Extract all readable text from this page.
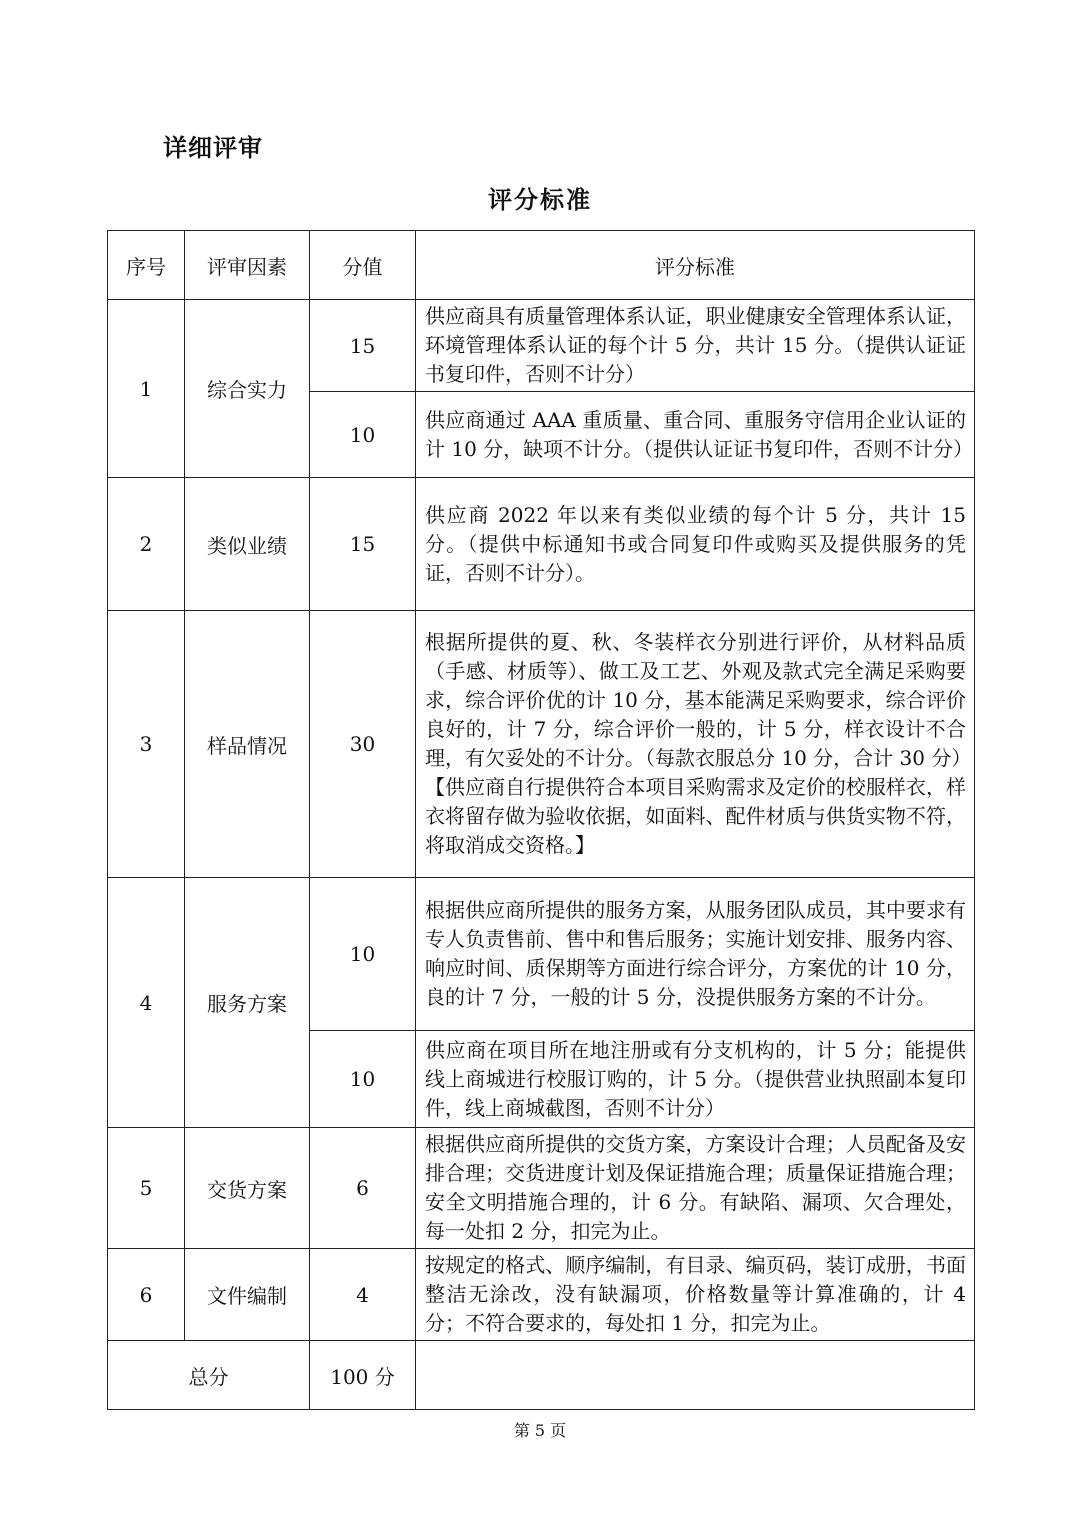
详细评审
评分标准
序号	评审因素	分值	评分标准
1	综合实力	15	供应商具有质量管理体系认证，职业健康安全管理体系认证，环境管理体系认证的每个计 5 分，共计 15 分。（提供认证证书复印件，否则不计分）
		10	供应商通过 AAA 重质量、重合同、重服务守信用企业认证的计 10 分，缺项不计分。（提供认证证书复印件，否则不计分）
2	类似业绩	15	供应商 2022 年以来有类似业绩的每个计 5 分，共计 15 分。（提供中标通知书或合同复印件或购买及提供服务的凭证，否则不计分）。
3	样品情况	30	根据所提供的夏、秋、冬装样衣分别进行评价，从材料品质（手感、材质等）、做工及工艺、外观及款式完全满足采购要求，综合评价优的计 10 分，基本能满足采购要求，综合评价良好的，计 7 分，综合评价一般的，计 5 分，样衣设计不合理，有欠妥处的不计分。（每款衣服总分 10 分，合计 30 分）
【供应商自行提供符合本项目采购需求及定价的校服样衣，样衣将留存做为验收依据，如面料、配件材质与供货实物不符，将取消成交资格。】

4	服务方案	10	根据供应商所提供的服务方案，从服务团队成员，其中要求有专人负责售前、售中和售后服务；实施计划安排、服务内容、响应时间、质保期等方面进行综合评分，方案优的计 10 分，良的计 7 分，一般的计 5 分，没提供服务方案的不计分。
		10	供应商在项目所在地注册或有分支机构的，计 5 分；能提供线上商城进行校服订购的，计 5 分。（提供营业执照副本复印件，线上商城截图，否则不计分）
5	交货方案	6	根据供应商所提供的交货方案，方案设计合理；人员配备及安排合理；交货进度计划及保证措施合理；质量保证措施合理；安全文明措施合理的，计 6 分。有缺陷、漏项、欠合理处，每一处扣 2 分，扣完为止。
6	文件编制	4	按规定的格式、顺序编制，有目录、编页码，装订成册，书面整洁无涂改，没有缺漏项，价格数量等计算准确的，计 4 分；不符合要求的，每处扣 1 分，扣完为止。
总分		100 分	

第 5 页
